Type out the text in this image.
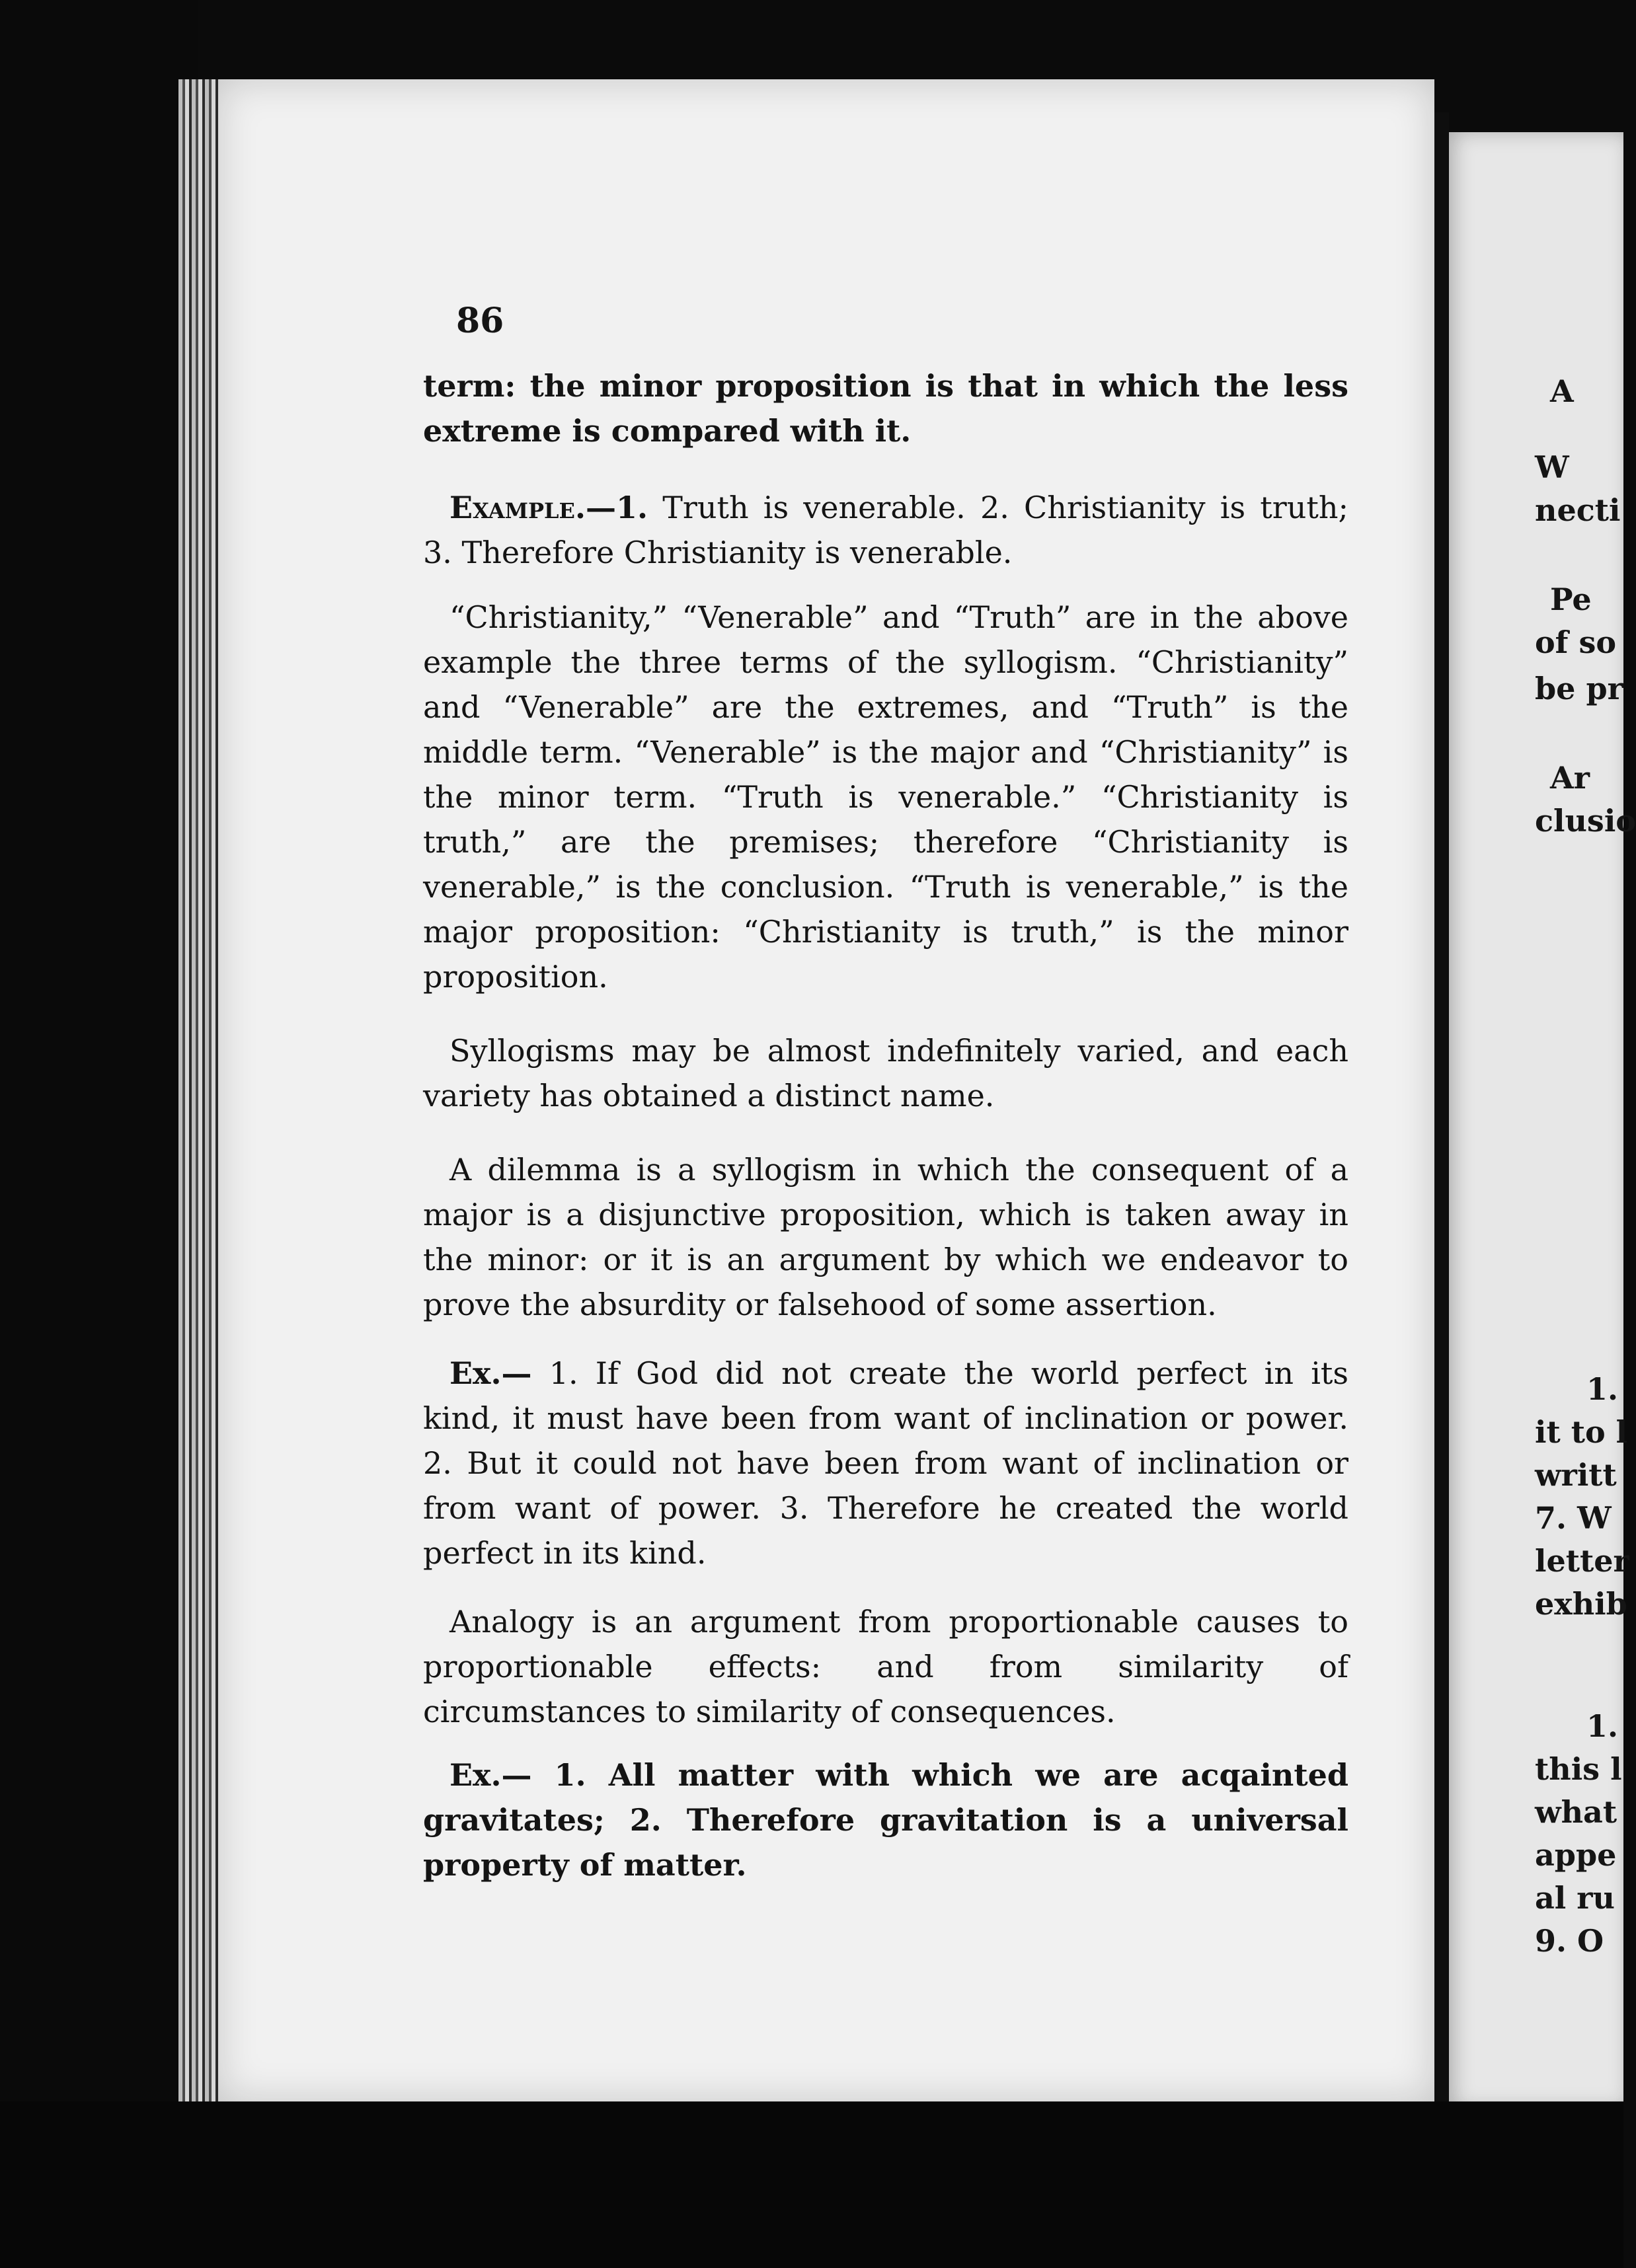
86

term: the minor proposition is that in which the less extreme is compared with it.

Example.—1. Truth is venerable. 2. Christianity is truth; 3. Therefore Christianity is venerable.

“Christianity,” “Venerable” and “Truth” are in the above example the three terms of the syllogism. “Christianity” and “Venerable” are the extremes, and “Truth” is the middle term. “Venerable” is the major and “Christianity” is the minor term. “Truth is venerable.” “Christianity is truth,” are the premises; therefore “Christianity is venerable,” is the conclusion. “Truth is venerable,” is the major proposition: “Christianity is truth,” is the minor proposition.

Syllogisms may be almost indefinitely varied, and each variety has obtained a distinct name.

A dilemma is a syllogism in which the consequent of a major is a disjunctive proposition, which is taken away in the minor: or it is an argument by which we endeavor to prove the absurdity or falsehood of some assertion.

Ex.— 1. If God did not create the world perfect in its kind, it must have been from want of inclination or power. 2. But it could not have been from want of inclination or from want of power. 3. Therefore he created the world perfect in its kind.

Analogy is an argument from proportionable causes to proportionable effects: and from similarity of circumstances to similarity of consequences.

Ex.— 1. All matter with which we are acqainted gravitates; 2. Therefore gravitation is a universal property of matter.

A
W
necti
Pe
of so
be pr
Ar
clusio
1.
it to l
writt
7. W
letter
exhib
1.
this l
what
appe
al ru
9. O
